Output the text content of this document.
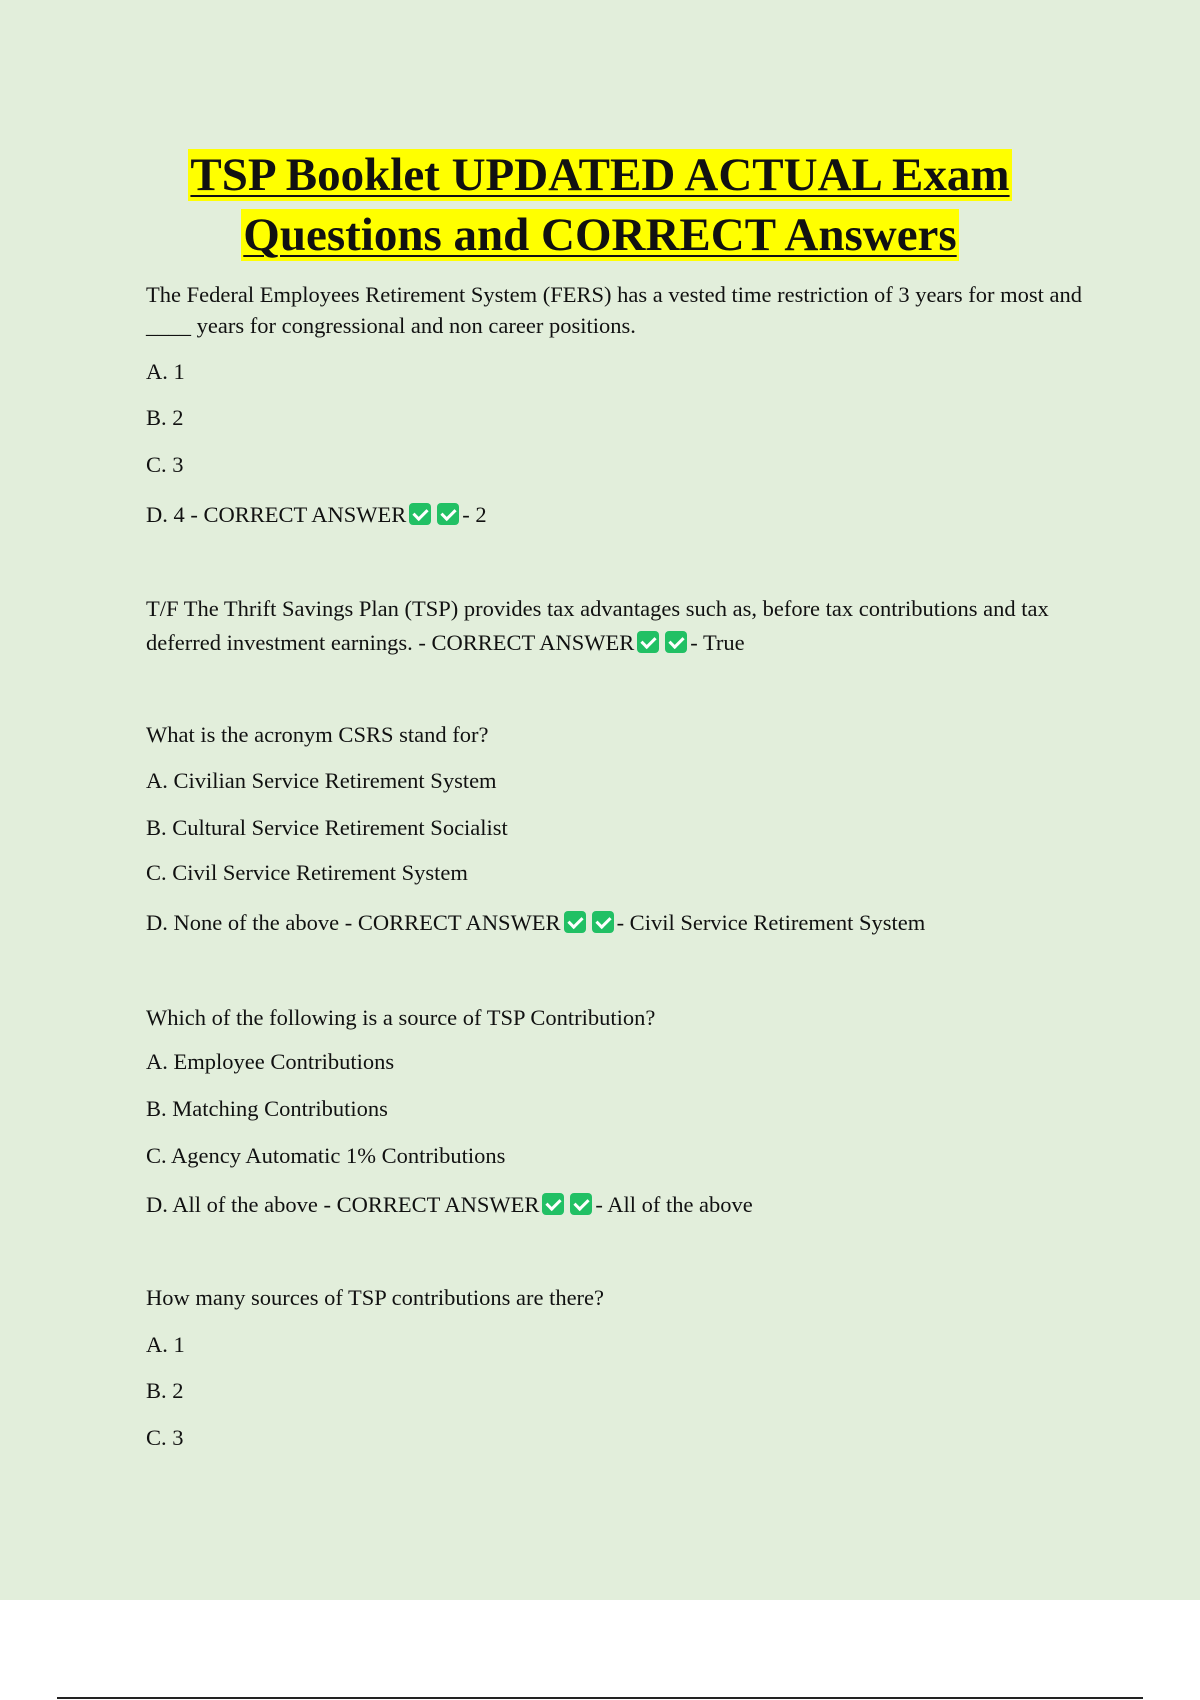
TSP Booklet UPDATED ACTUAL Exam
Questions and CORRECT Answers
The Federal Employees Retirement System (FERS) has a vested time restriction of 3 years for most and ____ years for congressional and non career positions.
A. 1
B. 2
C. 3
D. 4 - CORRECT ANSWER - 2
T/F The Thrift Savings Plan (TSP) provides tax advantages such as, before tax contributions and tax deferred investment earnings. - CORRECT ANSWER - True
What is the acronym CSRS stand for?
A. Civilian Service Retirement System
B. Cultural Service Retirement Socialist
C. Civil Service Retirement System
D. None of the above - CORRECT ANSWER - Civil Service Retirement System
Which of the following is a source of TSP Contribution?
A. Employee Contributions
B. Matching Contributions
C. Agency Automatic 1% Contributions
D. All of the above - CORRECT ANSWER - All of the above
How many sources of TSP contributions are there?
A. 1
B. 2
C. 3
